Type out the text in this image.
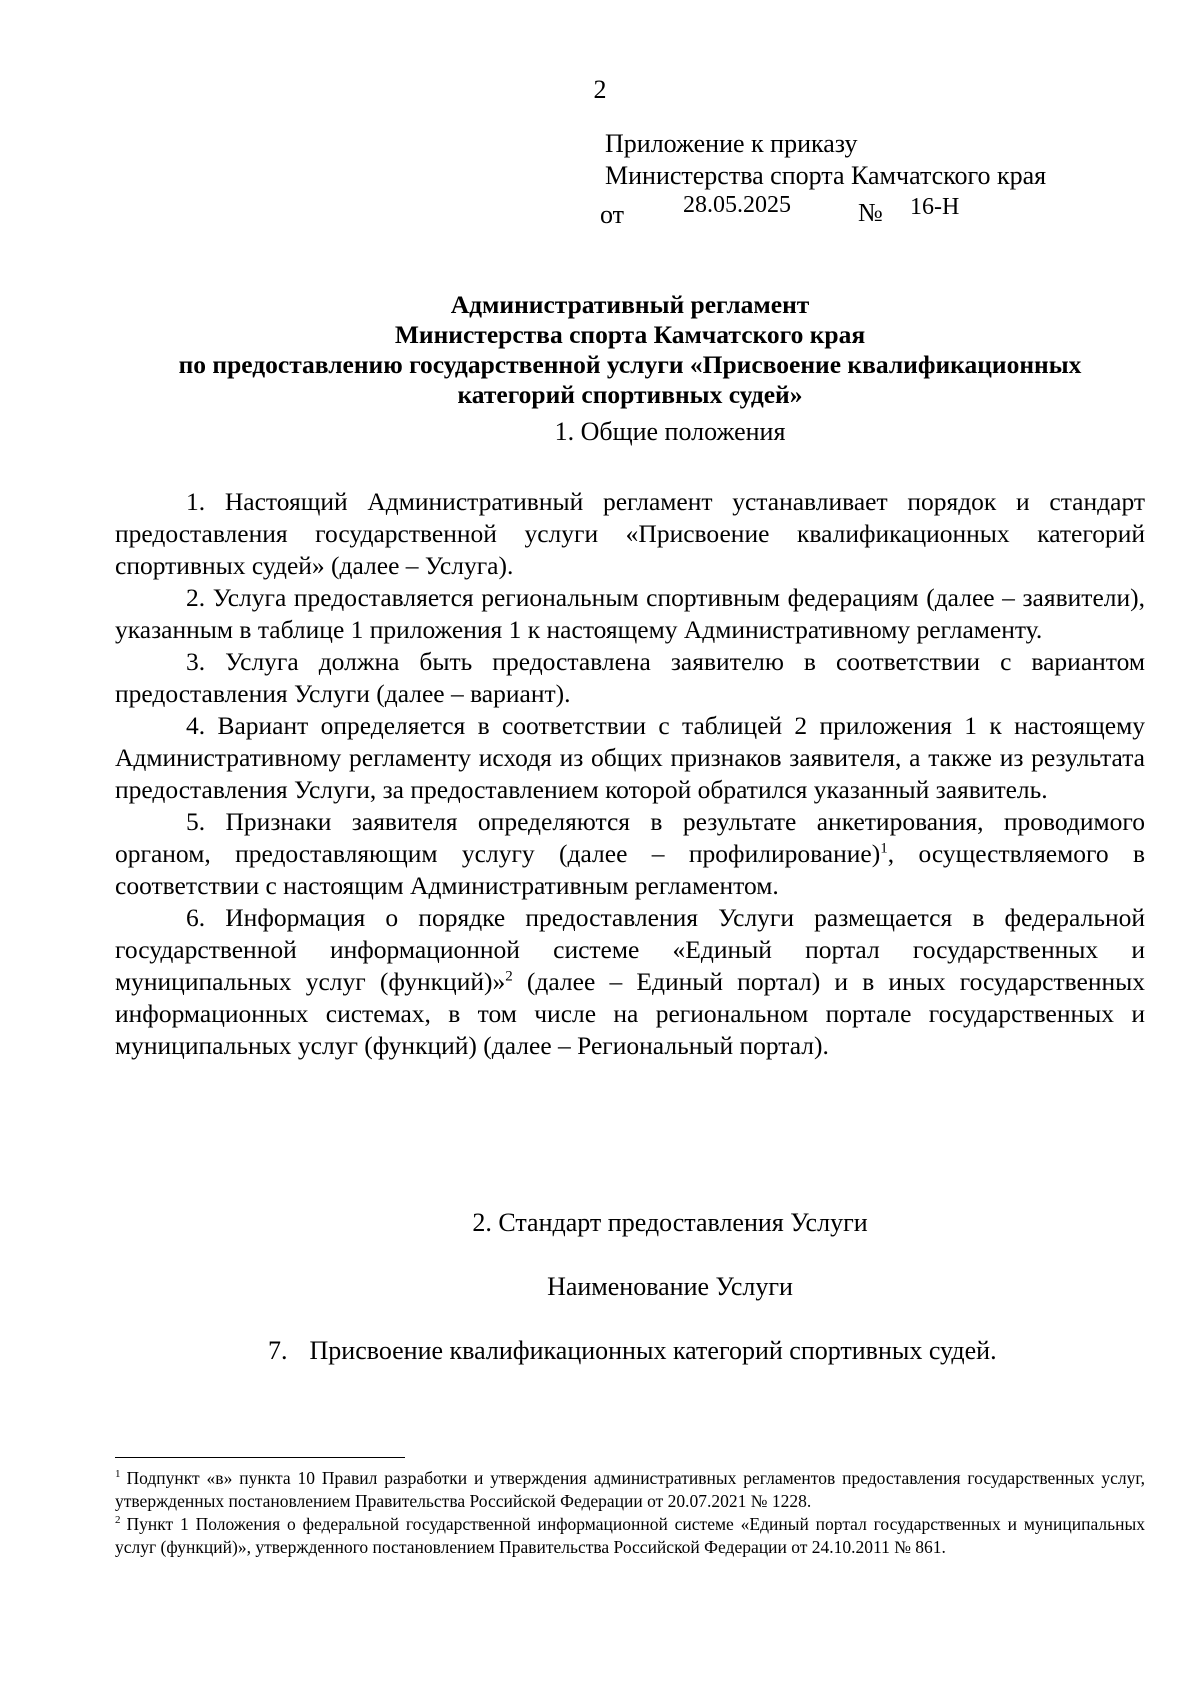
2
Приложение к приказу
Министерства спорта Камчатского края
от 28.05.2025	№ 16-Н
Административный регламент
Министерства спорта Камчатского края
по предоставлению государственной услуги «Присвоение квалификационных
категорий спортивных судей»
1. Общие положения

1. Настоящий Административный регламент устанавливает порядок и стандарт предоставления государственной услуги «Присвоение квалификационных категорий спортивных судей» (далее – Услуга).

2. Услуга предоставляется региональным спортивным федерациям (далее – заявители), указанным в таблице 1 приложения 1 к настоящему Административному регламенту.

3. Услуга должна быть предоставлена заявителю в соответствии с вариантом предоставления Услуги (далее – вариант).

4. Вариант определяется в соответствии с таблицей 2 приложения 1 к настоящему Административному регламенту исходя из общих признаков заявителя, а также из результата предоставления Услуги, за предоставлением которой обратился указанный заявитель.

5. Признаки заявителя определяются в результате анкетирования, проводимого органом, предоставляющим услугу (далее – профилирование)$^1$, осуществляемого в соответствии с настоящим Административным регламентом.

6. Информация о порядке предоставления Услуги размещается в федеральной государственной информационной системе «Единый портал государственных и муниципальных услуг (функций)»$^2$ (далее – Единый портал) и в иных государственных информационных системах, в том числе на региональном портале государственных и муниципальных услуг (функций) (далее – Региональный портал).

2. Стандарт предоставления Услуги
Наименование Услуги
7. Присвоение квалификационных категорий спортивных судей.

$^1$ Подпункт «в» пункта 10 Правил разработки и утверждения административных регламентов предоставления государственных услуг, утвержденных постановлением Правительства Российской Федерации от 20.07.2021 № 1228.

$^2$ Пункт 1 Положения о федеральной государственной информационной системе «Единый портал государственных и муниципальных услуг (функций)», утвержденного постановлением Правительства Российской Федерации от 24.10.2011 № 861.
